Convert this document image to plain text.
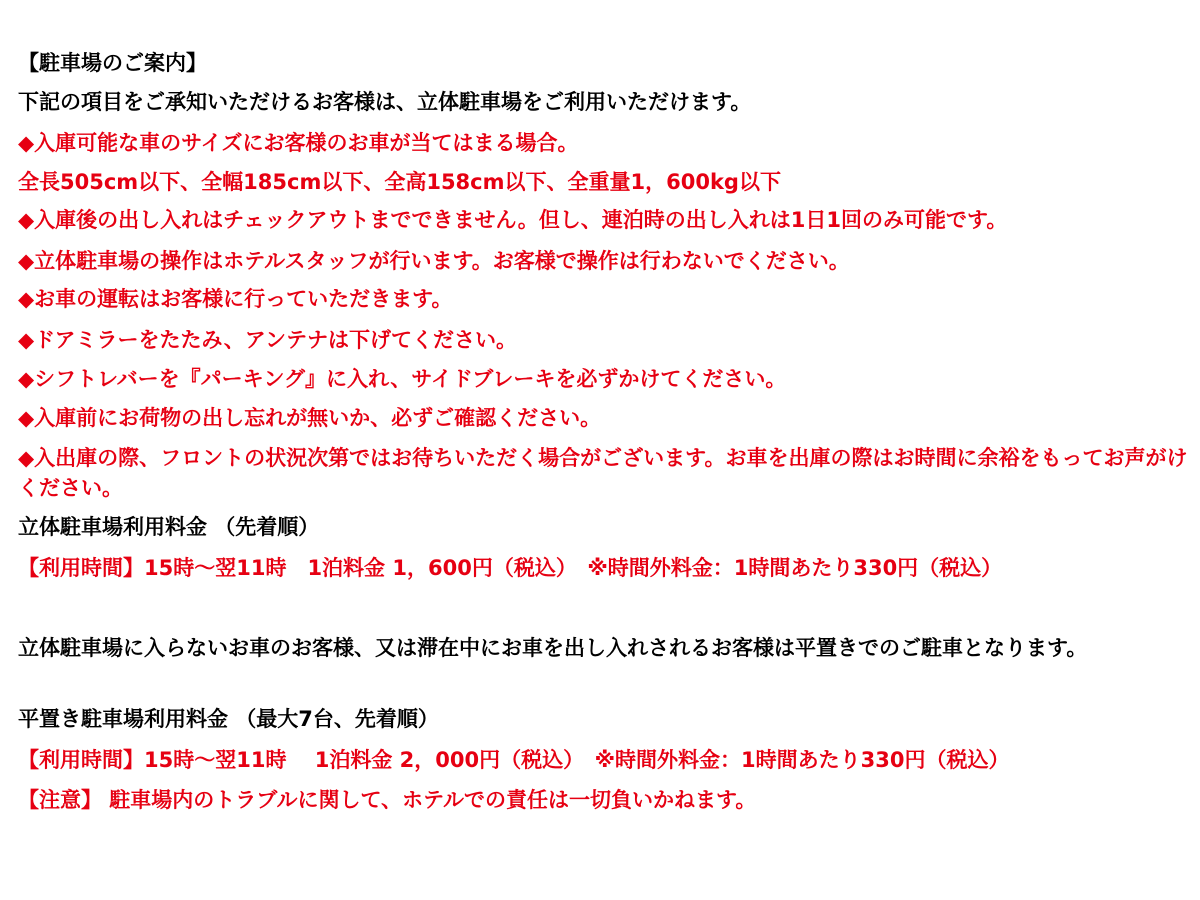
【駐車場のご案内】
下記の項目をご承知いただけるお客様は、立体駐車場をご利用いただけます。
◆入庫可能な車のサイズにお客様のお車が当てはまる場合。
全長505cm以下、全幅185cm以下、全高158cm以下、全重量1，600kg以下
◆入庫後の出し入れはチェックアウトまでできません。但し、連泊時の出し入れは1日1回のみ可能です。
◆立体駐車場の操作はホテルスタッフが行います。お客様で操作は行わないでください。
◆お車の運転はお客様に行っていただきます。
◆ドアミラーをたたみ、アンテナは下げてください。
◆シフトレバーを『パーキング』に入れ、サイドブレーキを必ずかけてください。
◆入庫前にお荷物の出し忘れが無いか、必ずご確認ください。
◆入出庫の際、フロントの状況次第ではお待ちいただく場合がございます。お車を出庫の際はお時間に余裕をもってお声がけください。
立体駐車場利用料金 （先着順）
【利用時間】15時～翌11時　1泊料金 1，600円（税込）　※時間外料金：1時間あたり330円（税込）
立体駐車場に入らないお車のお客様、又は滞在中にお車を出し入れされるお客様は平置きでのご駐車となります。
平置き駐車場利用料金 （最大7台、先着順）
【利用時間】15時～翌11時　 1泊料金 2，000円（税込）　※時間外料金：1時間あたり330円（税込）
【注意】 駐車場内のトラブルに関して、ホテルでの責任は一切負いかねます。
